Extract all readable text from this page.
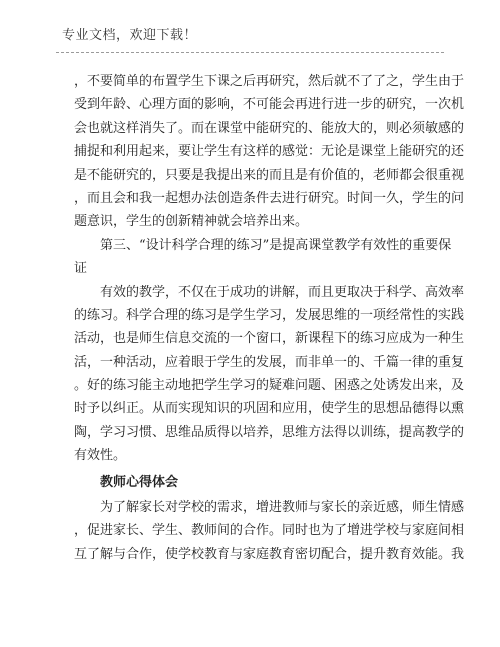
专业文档，欢迎下载！
，不要简单的布置学生下课之后再研究，然后就不了了之，学生由于
受到年龄、心理方面的影响，不可能会再进行进一步的研究，一次机
会也就这样消失了。而在课堂中能研究的、能放大的，则必须敏感的
捕捉和利用起来，要让学生有这样的感觉：无论是课堂上能研究的还
是不能研究的，只要是我提出来的而且是有价值的，老师都会很重视
，而且会和我一起想办法创造条件去进行研究。时间一久，学生的问
题意识，学生的创新精神就会培养出来。
第三、“设计科学合理的练习”是提高课堂教学有效性的重要保
证
有效的教学，不仅在于成功的讲解，而且更取决于科学、高效率
的练习。科学合理的练习是学生学习，发展思维的一项经常性的实践
活动，也是师生信息交流的一个窗口，新课程下的练习应成为一种生
活，一种活动，应着眼于学生的发展，而非单一的、千篇一律的重复
。好的练习能主动地把学生学习的疑难问题、困惑之处诱发出来，及
时予以纠正。从而实现知识的巩固和应用，使学生的思想品德得以熏
陶，学习习惯、思维品质得以培养，思维方法得以训练，提高教学的
有效性。
教师心得体会
为了解家长对学校的需求，增进教师与家长的亲近感，师生情感
，促进家长、学生、教师间的合作。同时也为了增进学校与家庭间相
互了解与合作，使学校教育与家庭教育密切配合，提升教育效能。我
